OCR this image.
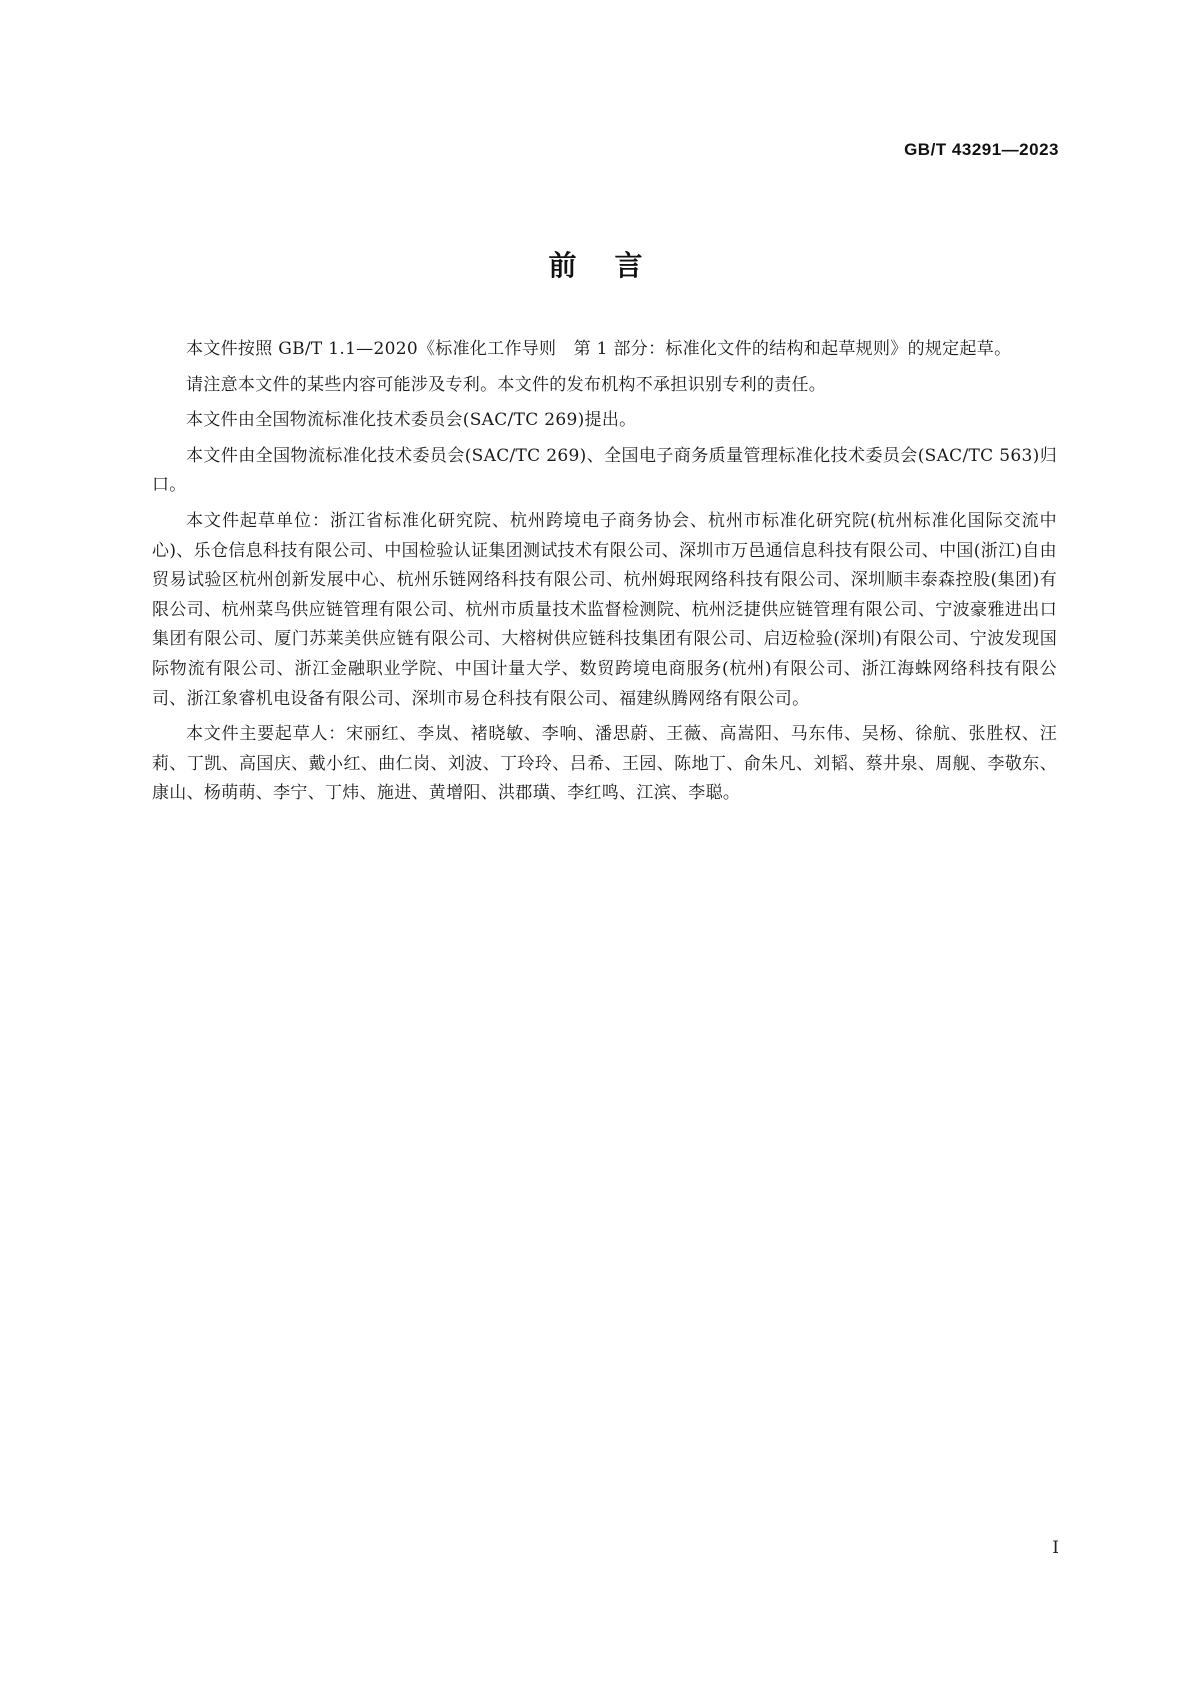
GB/T 43291—2023
前言

本文件按照 GB/T 1.1—2020《标准化工作导则　第 1 部分：标准化文件的结构和起草规则》的规定起草。

请注意本文件的某些内容可能涉及专利。本文件的发布机构不承担识别专利的责任。

本文件由全国物流标准化技术委员会(SAC/TC 269)提出。

本文件由全国物流标准化技术委员会(SAC/TC 269)、全国电子商务质量管理标准化技术委员会(SAC/TC 563)归口。

本文件起草单位：浙江省标准化研究院、杭州跨境电子商务协会、杭州市标准化研究院(杭州标准化国际交流中心)、乐仓信息科技有限公司、中国检验认证集团测试技术有限公司、深圳市万邑通信息科技有限公司、中国(浙江)自由贸易试验区杭州创新发展中心、杭州乐链网络科技有限公司、杭州姆珉网络科技有限公司、深圳顺丰泰森控股(集团)有限公司、杭州菜鸟供应链管理有限公司、杭州市质量技术监督检测院、杭州泛捷供应链管理有限公司、宁波豪雅进出口集团有限公司、厦门苏莱美供应链有限公司、大榕树供应链科技集团有限公司、启迈检验(深圳)有限公司、宁波发现国际物流有限公司、浙江金融职业学院、中国计量大学、数贸跨境电商服务(杭州)有限公司、浙江海蛛网络科技有限公司、浙江象睿机电设备有限公司、深圳市易仓科技有限公司、福建纵腾网络有限公司。

本文件主要起草人：宋丽红、李岚、褚晓敏、李响、潘思蔚、王薇、高嵩阳、马东伟、吴杨、徐航、张胜权、汪莉、丁凯、高国庆、戴小红、曲仁岗、刘波、丁玲玲、吕希、王园、陈地丁、俞朱凡、刘韬、蔡井泉、周舰、李敬东、康山、杨萌萌、李宁、丁炜、施进、黄增阳、洪郡璜、李红鸣、江滨、李聪。

I
